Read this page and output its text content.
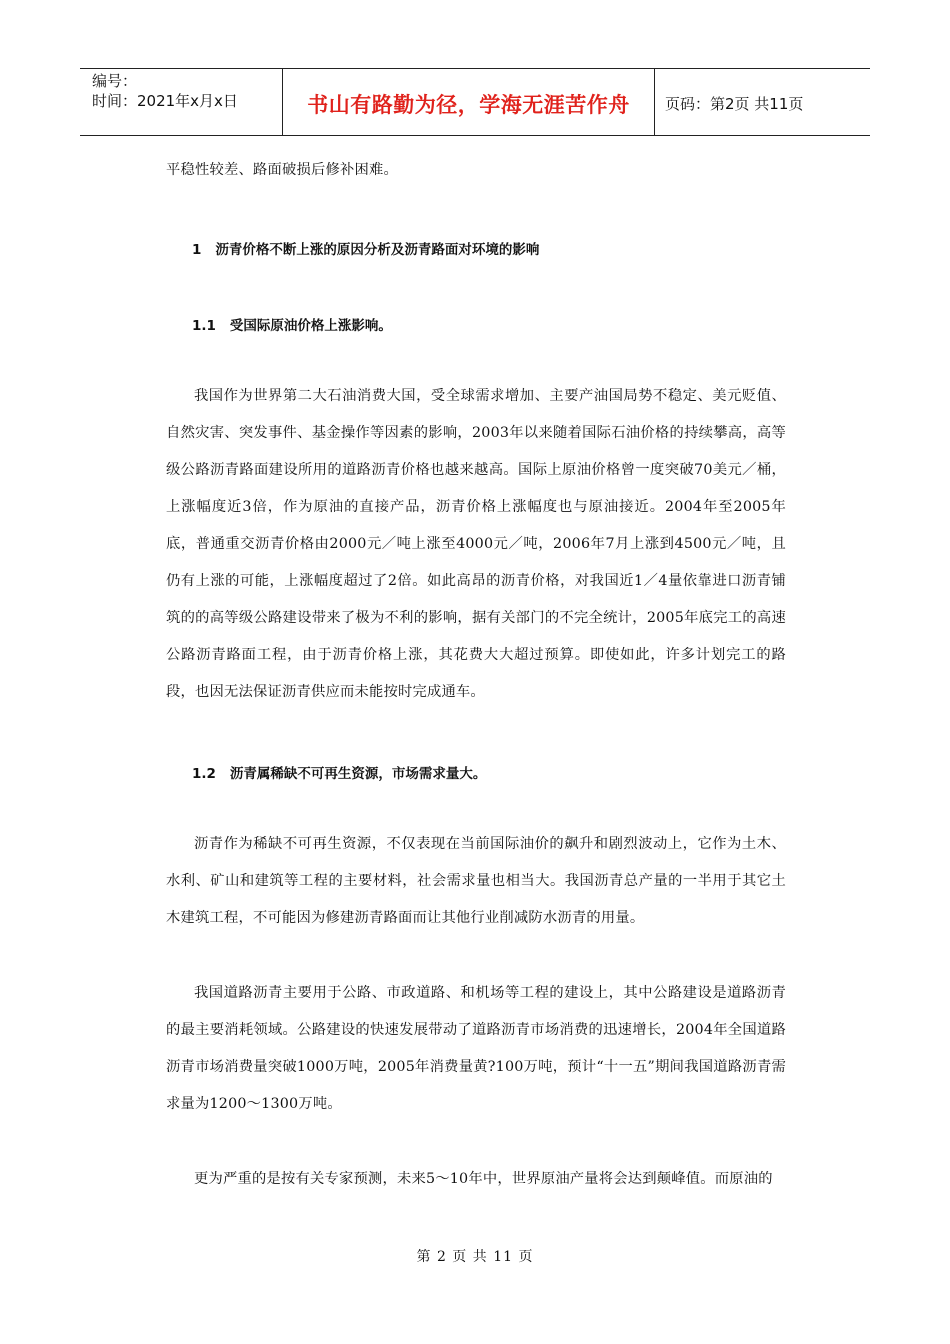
编号：
时间：2021年x月x日	书山有路勤为径，学海无涯苦作舟	页码：第2页 共11页

平稳性较差、路面破损后修补困难。

1 沥青价格不断上涨的原因分析及沥青路面对环境的影响

1.1 受国际原油价格上涨影响。

我国作为世界第二大石油消费大国，受全球需求增加、主要产油国局势不稳定、美元贬值、自然灾害、突发事件、基金操作等因素的影响，2003年以来随着国际石油价格的持续攀高，高等级公路沥青路面建设所用的道路沥青价格也越来越高。国际上原油价格曾一度突破70美元／桶，上涨幅度近3倍，作为原油的直接产品，沥青价格上涨幅度也与原油接近。2004年至2005年底，普通重交沥青价格由2000元／吨上涨至4000元／吨，2006年7月上涨到4500元／吨，且仍有上涨的可能，上涨幅度超过了2倍。如此高昂的沥青价格，对我国近1／4量依靠进口沥青铺筑的的高等级公路建设带来了极为不利的影响，据有关部门的不完全统计，2005年底完工的高速公路沥青路面工程，由于沥青价格上涨，其花费大大超过预算。即使如此，许多计划完工的路段，也因无法保证沥青供应而未能按时完成通车。

1.2 沥青属稀缺不可再生资源，市场需求量大。

沥青作为稀缺不可再生资源，不仅表现在当前国际油价的飙升和剧烈波动上，它作为土木、水利、矿山和建筑等工程的主要材料，社会需求量也相当大。我国沥青总产量的一半用于其它土木建筑工程，不可能因为修建沥青路面而让其他行业削减防水沥青的用量。

我国道路沥青主要用于公路、市政道路、和机场等工程的建设上，其中公路建设是道路沥青的最主要消耗领域。公路建设的快速发展带动了道路沥青市场消费的迅速增长，2004年全国道路沥青市场消费量突破1000万吨，2005年消费量黄?100万吨，预计“十一五”期间我国道路沥青需求量为1200～1300万吨。

更为严重的是按有关专家预测，未来5～10年中，世界原油产量将会达到颠峰值。而原油的

第 2 页 共 11 页
